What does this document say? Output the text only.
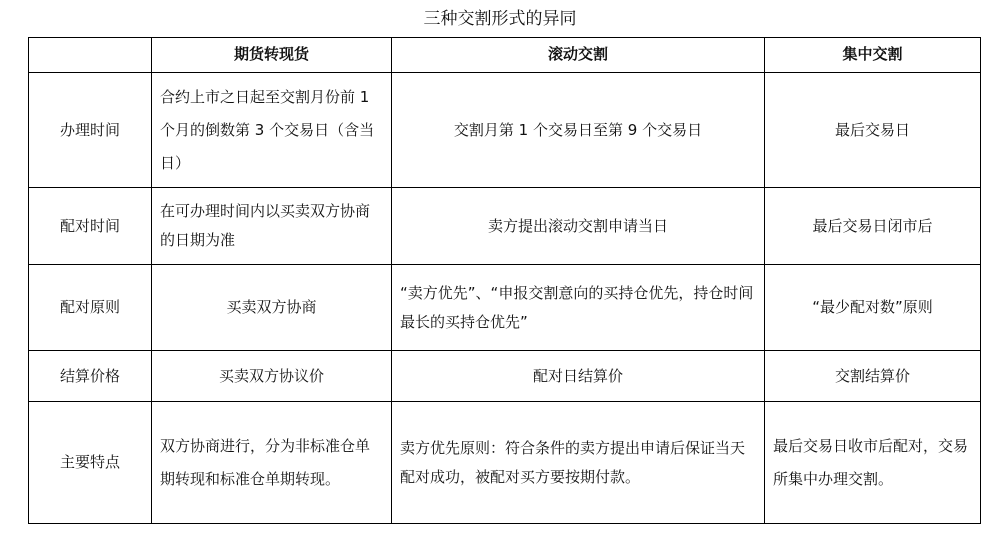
三种交割形式的异同
	期货转现货	滚动交割	集中交割
办理时间	合约上市之日起至交割月份前 1 个月的倒数第 3 个交易日（含当日）	交割月第 1 个交易日至第 9 个交易日	最后交易日
配对时间	在可办理时间内以买卖双方协商的日期为准	卖方提出滚动交割申请当日	最后交易日闭市后
配对原则	买卖双方协商	“卖方优先”、“申报交割意向的买持仓优先，持仓时间最长的买持仓优先”	“最少配对数”原则
结算价格	买卖双方协议价	配对日结算价	交割结算价
主要特点	双方协商进行，分为非标准仓单期转现和标准仓单期转现。	卖方优先原则：符合条件的卖方提出申请后保证当天配对成功，被配对买方要按期付款。	最后交易日收市后配对，交易所集中办理交割。
